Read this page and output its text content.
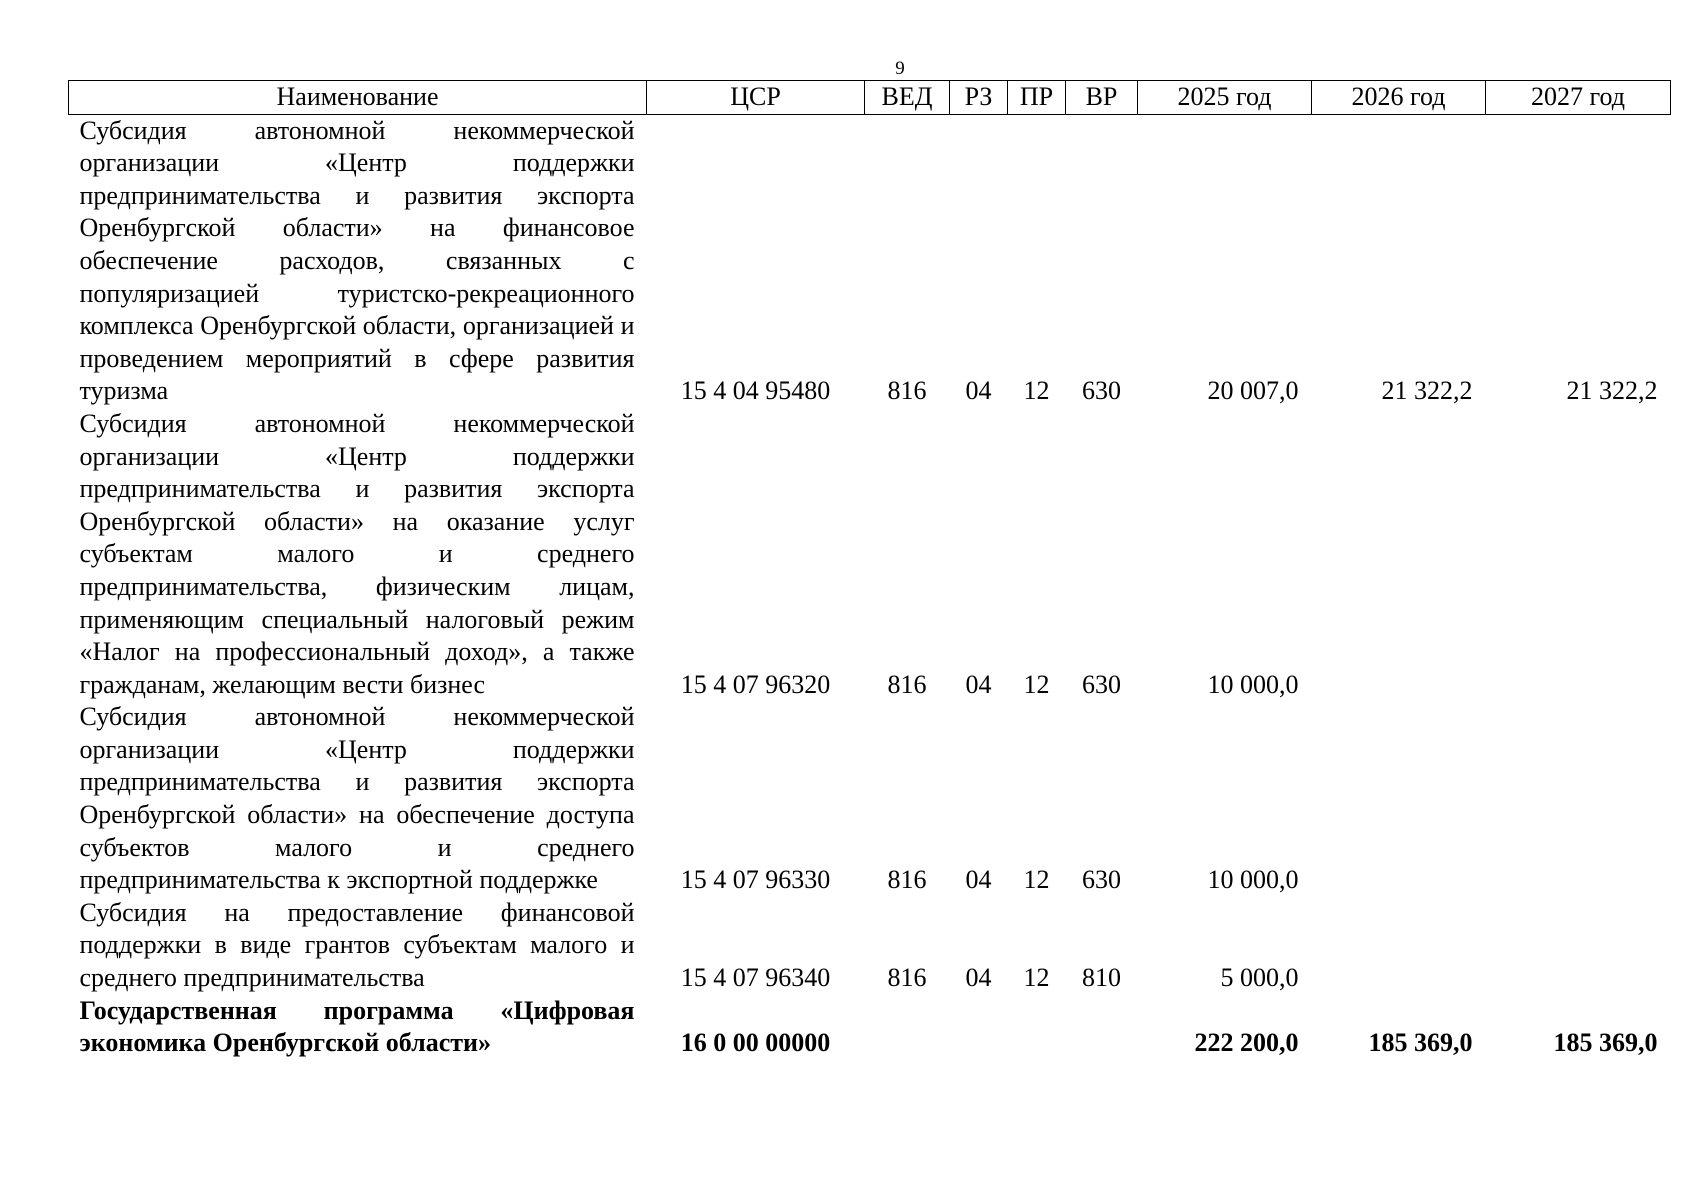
9
Наименование	ЦСР	ВЕД	РЗ	ПР	ВР	2025 год	2026 год	2027 год
Субсидия автономной некоммерческой организации «Центр поддержки предпринимательства и развития экспорта Оренбургской области» на финансовое обеспечение расходов, связанных с популяризацией туристско-рекреационного комплекса Оренбургской области, организацией и проведением мероприятий в сфере развития туризма	15 4 04 95480	816	04	12	630	20 007,0	21 322,2	21 322,2
Субсидия автономной некоммерческой организации «Центр поддержки предпринимательства и развития экспорта Оренбургской области» на оказание услуг субъектам малого и среднего предпринимательства, физическим лицам, применяющим специальный налоговый режим «Налог на профессиональный доход», а также гражданам, желающим вести бизнес	15 4 07 96320	816	04	12	630	10 000,0		
Субсидия автономной некоммерческой организации «Центр поддержки предпринимательства и развития экспорта Оренбургской области» на обеспечение доступа субъектов малого и среднего предпринимательства к экспортной поддержке	15 4 07 96330	816	04	12	630	10 000,0		
Субсидия на предоставление финансовой поддержки в виде грантов субъектам малого и среднего предпринимательства	15 4 07 96340	816	04	12	810	5 000,0		
Государственная программа «Цифровая экономика Оренбургской области»	16 0 00 00000					222 200,0	185 369,0	185 369,0
